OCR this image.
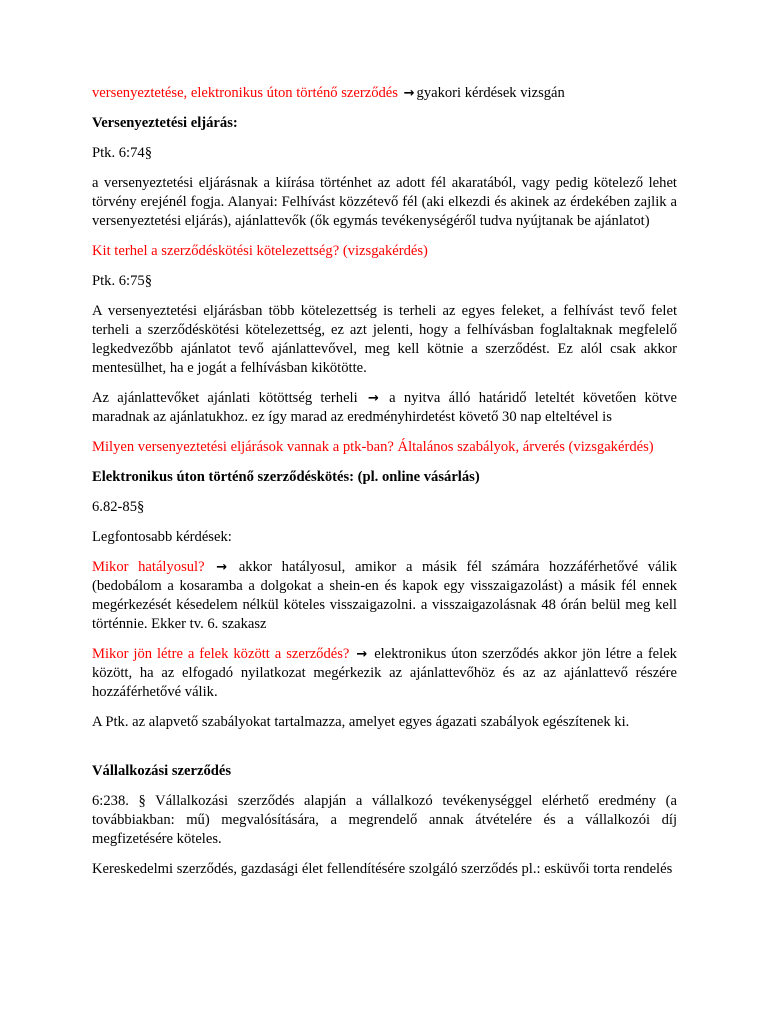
versenyeztetése, elektronikus úton történő szerződés → gyakori kérdések vizsgán

Versenyeztetési eljárás:

Ptk. 6:74§

a versenyeztetési eljárásnak a kiírása történhet az adott fél akaratából, vagy pedig kötelező lehet törvény erejénél fogja. Alanyai: Felhívást közzétevő fél (aki elkezdi és akinek az érdekében zajlik a versenyeztetési eljárás), ajánlattevők (ők egymás tevékenységéről tudva nyújtanak be ajánlatot)

Kit terhel a szerződéskötési kötelezettség? (vizsgakérdés)

Ptk. 6:75§

A versenyeztetési eljárásban több kötelezettség is terheli az egyes feleket, a felhívást tevő felet terheli a szerződéskötési kötelezettség, ez azt jelenti, hogy a felhívásban foglaltaknak megfelelő legkedvezőbb ajánlatot tevő ajánlattevővel, meg kell kötnie a szerződést. Ez alól csak akkor mentesülhet, ha e jogát a felhívásban kikötötte.

Az ajánlattevőket ajánlati kötöttség terheli → a nyitva álló határidő leteltét követően kötve maradnak az ajánlatukhoz. ez így marad az eredményhirdetést követő 30 nap elteltével is

Milyen versenyeztetési eljárások vannak a ptk-ban? Általános szabályok, árverés (vizsgakérdés)

Elektronikus úton történő szerződéskötés: (pl. online vásárlás)

6.82-85§

Legfontosabb kérdések:

Mikor hatályosul? → akkor hatályosul, amikor a másik fél számára hozzáférhetővé válik (bedobálom a kosaramba a dolgokat a shein-en és kapok egy visszaigazolást) a másik fél ennek megérkezését késedelem nélkül köteles visszaigazolni. a visszaigazolásnak 48 órán belül meg kell történnie. Ekker tv. 6. szakasz

Mikor jön létre a felek között a szerződés? → elektronikus úton szerződés akkor jön létre a felek között, ha az elfogadó nyilatkozat megérkezik az ajánlattevőhöz és az az ajánlattevő részére hozzáférhetővé válik.

A Ptk. az alapvető szabályokat tartalmazza, amelyet egyes ágazati szabályok egészítenek ki.

Vállalkozási szerződés

6:238. § Vállalkozási szerződés alapján a vállalkozó tevékenységgel elérhető eredmény (a továbbiakban: mű) megvalósítására, a megrendelő annak átvételére és a vállalkozói díj megfizetésére köteles.

Kereskedelmi szerződés, gazdasági élet fellendítésére szolgáló szerződés pl.: esküvői torta rendelés
